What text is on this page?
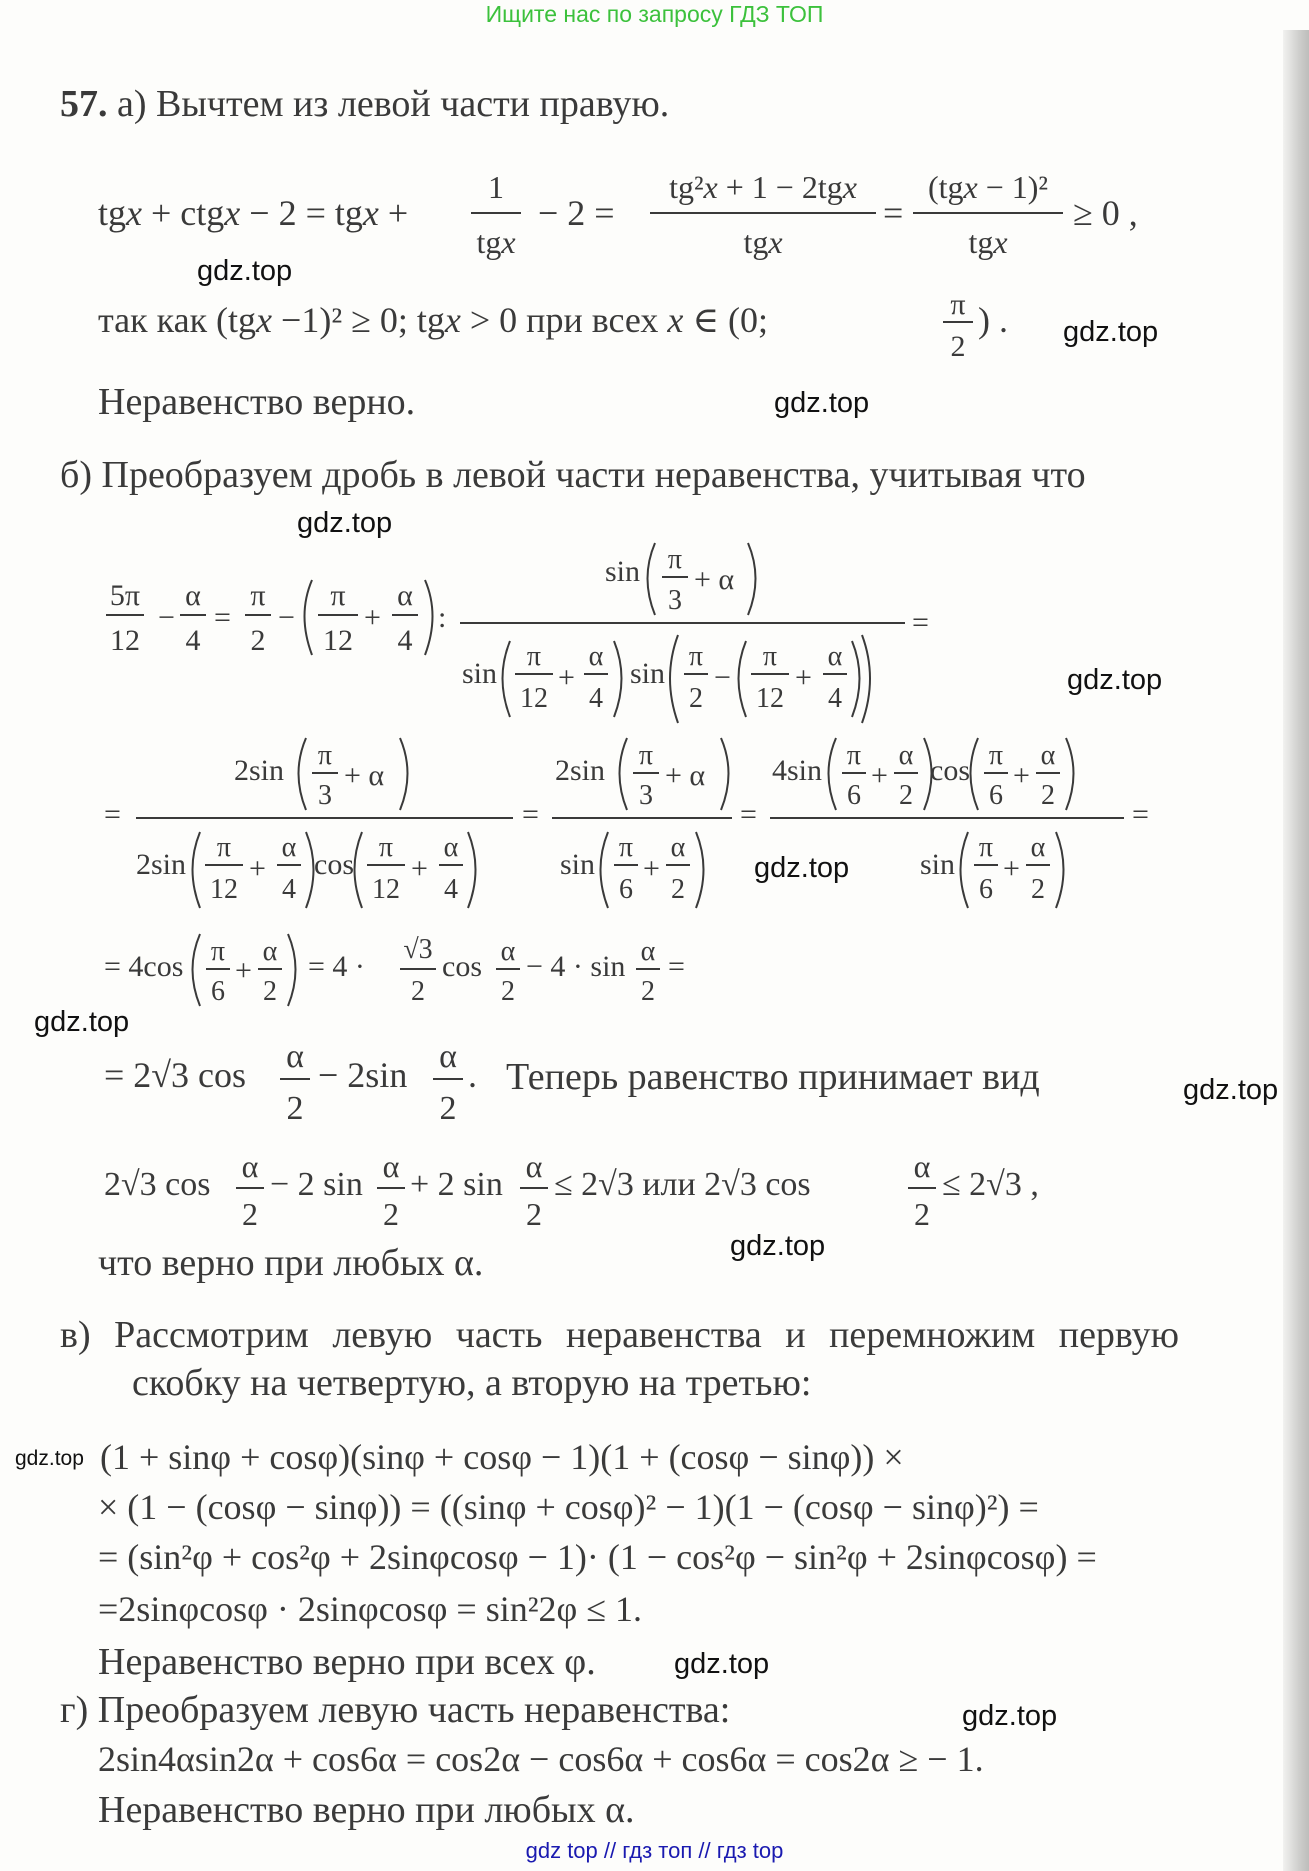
Ищите нас по запросу ГДЗ ТОП
57. а) Вычтем из левой части правую.
tgx + ctgx − 2 = tgx +
1
tgx
− 2 =
tg²x + 1 − 2tgx
tgx
=
(tgx − 1)²
tgx
≥ 0 ,
так как (tgx −1)² ≥ 0; tgx > 0 при всех x ∈ (0;	π
2
) .
Неравенство верно.
б) Преобразуем дробь в левой части неравенства, учитывая что
5π
12
−
α
4
=
π
2
−
π
12
+
α
4
:
sin π
3
+ α
sin
π
12
+
α
4
sin
π
2
−
π
12
+
α
4
=
=
2sin π
3
+ α
2sin
π
12
+
α
4
cos
π
12
+
α
4
=
2sin π
3
+ α
sin
π
6
+
α
2
=
4sin π
6
+
α
2
cos π
6
+
α
2
sin
π
6
+
α
2
=
= 4cos π
6
+
α
2
= 4 ·
√3
2
cos α
2
− 4 · sin α
2
=
= 2√3 cos α
2
− 2sin α
2
. Теперь равенство принимает вид
2√3 cos α
2
− 2 sin α
2
+ 2 sin α
2
≤ 2√3 или 2√3 cos	α
2
≤ 2√3 ,
что верно при любых α.
в) Рассмотрим левую часть неравенства и перемножим первую
скобку на четвертую, а вторую на третью:
(1 + sinφ + cosφ)(sinφ + cosφ − 1)(1 + (cosφ − sinφ)) ×
× (1 − (cosφ − sinφ)) = ((sinφ + cosφ)² − 1)(1 − (cosφ − sinφ)²) =
= (sin²φ + cos²φ + 2sinφcosφ − 1)· (1 − cos²φ − sin²φ + 2sinφcosφ) =
=2sinφcosφ · 2sinφcosφ = sin²2φ ≤ 1.
Неравенство верно при всех φ.
г) Преобразуем левую часть неравенства:
2sin4αsin2α + cos6α = cos2α − cos6α + cos6α = cos2α ≥ − 1.
Неравенство верно при любых α.
gdz.top
gdz.top
gdz.top
gdz.top
gdz.top
gdz.top
gdz.top
gdz.top
gdz.top
gdz.top
gdz.top
gdz.top
gdz top // гдз топ // гдз top
